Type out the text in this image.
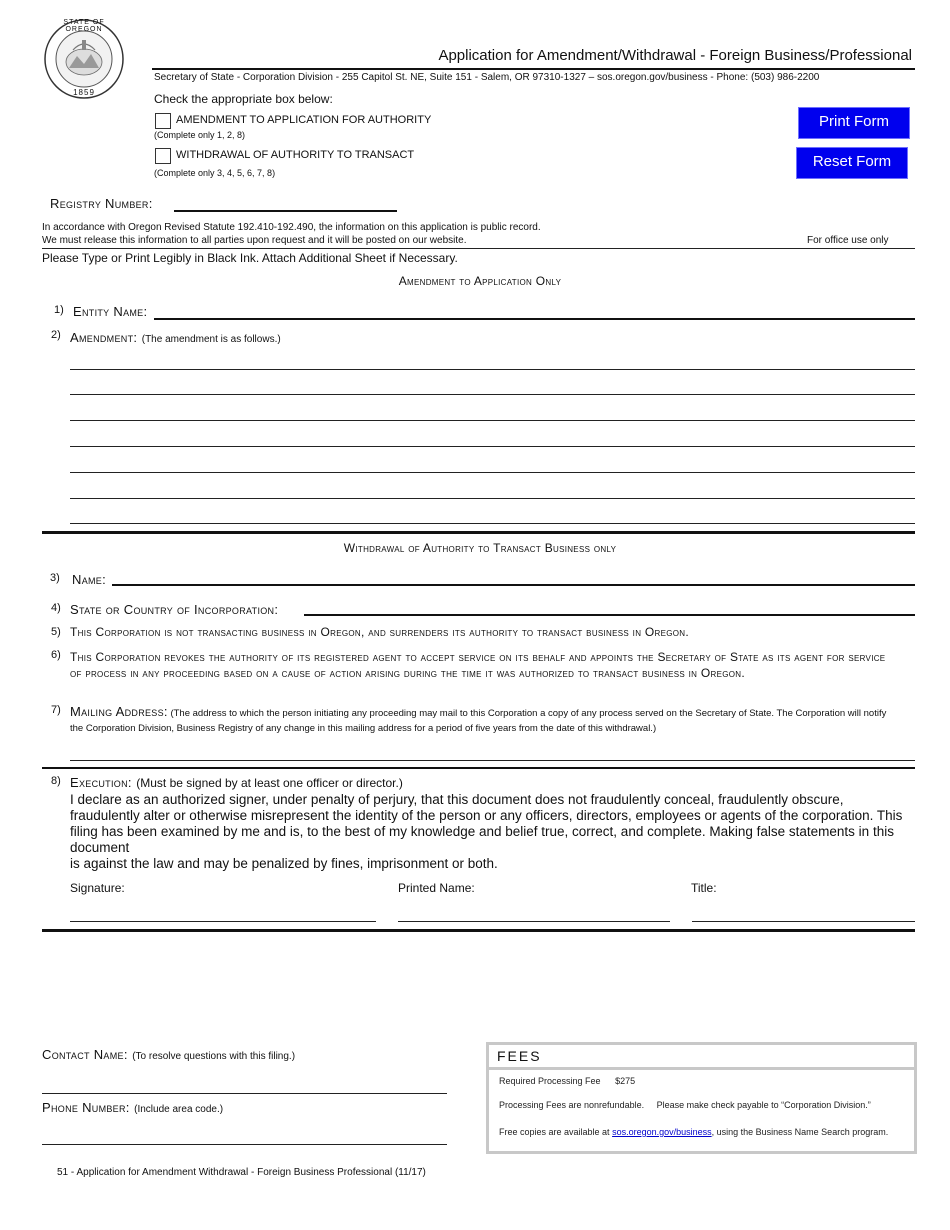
STATE OF OREGON
1859
Application for Amendment/Withdrawal - Foreign Business/Professional
Secretary of State - Corporation Division - 255 Capitol St. NE, Suite 151 - Salem, OR 97310-1327 – sos.oregon.gov/business - Phone: (503) 986-2200
Check the appropriate box below:
AMENDMENT TO APPLICATION FOR AUTHORITY
(Complete only 1, 2, 8)
WITHDRAWAL OF AUTHORITY TO TRANSACT
(Complete only 3, 4, 5, 6, 7, 8)
Print Form
Reset Form
Registry Number:
In accordance with Oregon Revised Statute 192.410-192.490, the information on this application is public record.
We must release this information to all parties upon request and it will be posted on our website.	For office use only
Please Type or Print Legibly in Black Ink. Attach Additional Sheet if Necessary.
Amendment to Application Only
1) Entity Name:
2) Amendment: (The amendment is as follows.)
Withdrawal of Authority to Transact Business only
3) Name:
4) State or Country of Incorporation:
5) This Corporation is not transacting business in Oregon, and surrenders its authority to transact business in Oregon.
6) This Corporation revokes the authority of its registered agent to accept service on its behalf and appoints the Secretary of State as its agent for service of process in any proceeding based on a cause of action arising during the time it was authorized to transact business in Oregon.
7) Mailing Address: (The address to which the person initiating any proceeding may mail to this Corporation a copy of any process served on the Secretary of State. The Corporation will notify the Corporation Division, Business Registry of any change in this mailing address for a period of five years from the date of this withdrawal.)
8) Execution: (Must be signed by at least one officer or director.)
I declare as an authorized signer, under penalty of perjury, that this document does not fraudulently conceal, fraudulently obscure, fraudulently alter or otherwise misrepresent the identity of the person or any officers, directors, employees or agents of the corporation. This filing has been examined by me and is, to the best of my knowledge and belief true, correct, and complete. Making false statements in this document
is against the law and may be penalized by fines, imprisonment or both.
Signature:	Printed Name:	Title:
Contact Name: (To resolve questions with this filing.)
Phone Number: (Include area code.)
FEES
Required Processing Fee $275
Processing Fees are nonrefundable. Please make check payable to “Corporation Division.”
Free copies are available at sos.oregon.gov/business, using the Business Name Search program.
51 - Application for Amendment Withdrawal - Foreign Business Professional (11/17)
